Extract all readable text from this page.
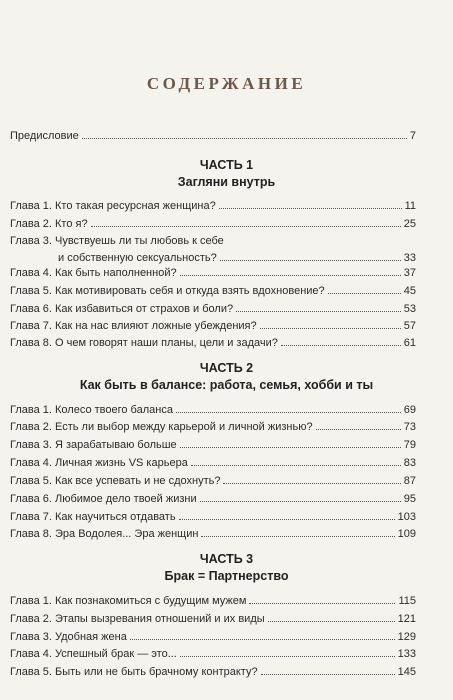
СОДЕРЖАНИЕ
Предисловие	7
ЧАСТЬ 1
Загляни внутрь
Глава 1. Кто такая ресурсная женщина?	11
Глава 2. Кто я?	25
Глава 3. Чувствуешь ли ты любовь к себе
и собственную сексуальность?	33
Глава 4. Как быть наполненной?	37
Глава 5. Как мотивировать себя и откуда взять вдохновение?	45
Глава 6. Как избавиться от страхов и боли?	53
Глава 7. Как на нас влияют ложные убеждения?	57
Глава 8. О чем говорят наши планы, цели и задачи?	61
ЧАСТЬ 2
Как быть в балансе: работа, семья, хобби и ты
Глава 1. Колесо твоего баланса	69
Глава 2. Есть ли выбор между карьерой и личной жизнью?	73
Глава 3. Я зарабатываю больше	79
Глава 4. Личная жизнь VS карьера	83
Глава 5. Как все успевать и не сдохнуть?	87
Глава 6. Любимое дело твоей жизни	95
Глава 7. Как научиться отдавать	103
Глава 8. Эра Водолея... Эра женщин	109
ЧАСТЬ 3
Брак = Партнерство
Глава 1. Как познакомиться с будущим мужем	115
Глава 2. Этапы вызревания отношений и их виды	121
Глава 3. Удобная жена	129
Глава 4. Успешный брак — это...	133
Глава 5. Быть или не быть брачному контракту?	145
